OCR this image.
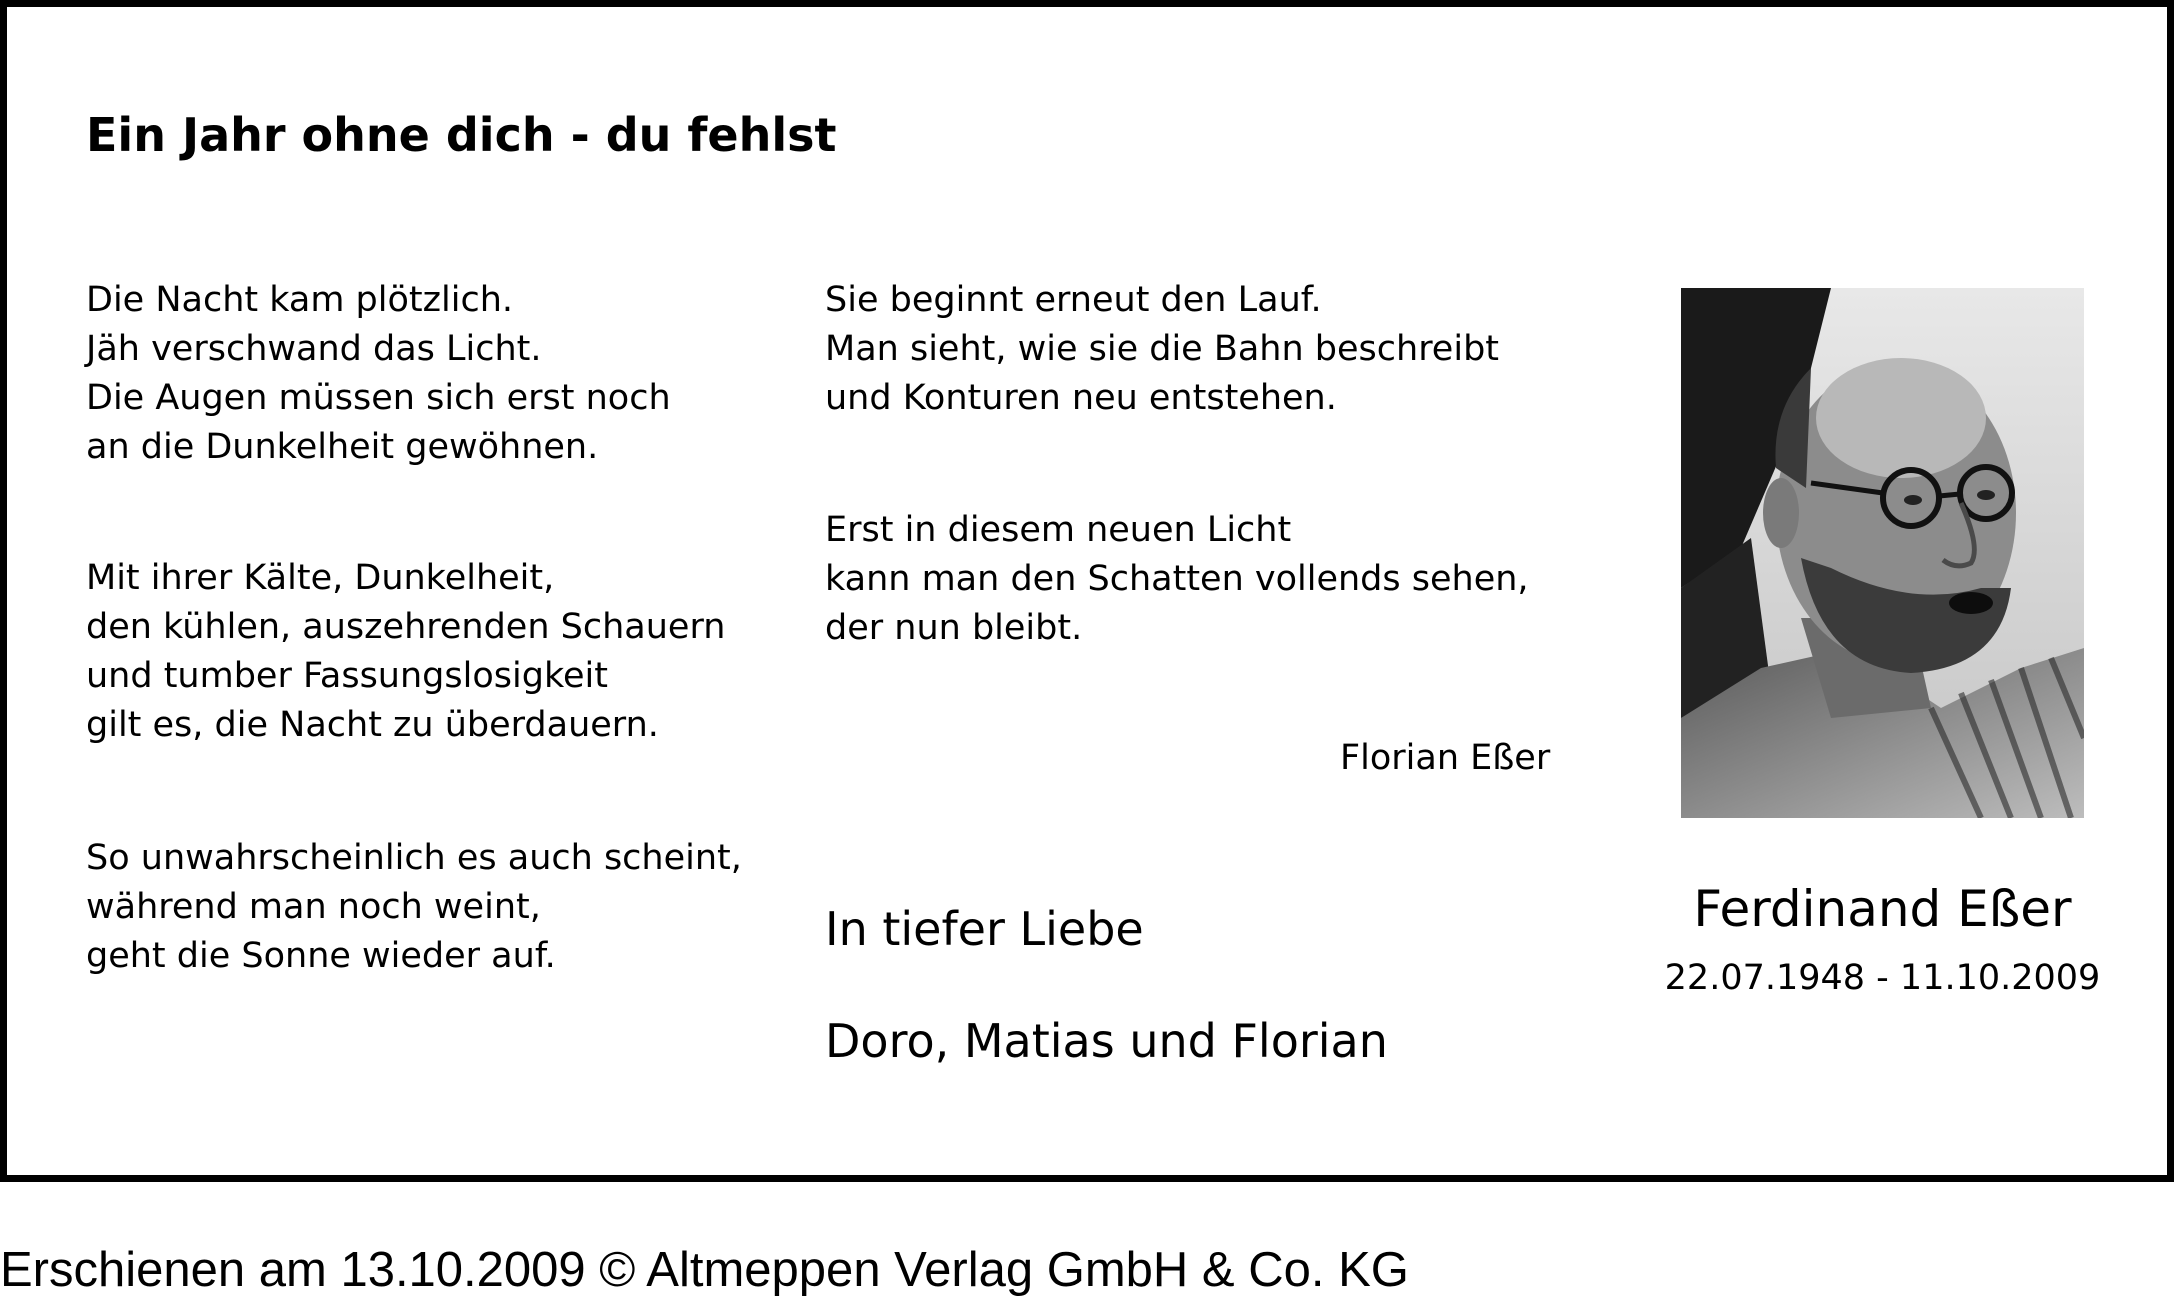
Ein Jahr ohne dich - du fehlst
Die Nacht kam plötzlich.
Jäh verschwand das Licht.
Die Augen müssen sich erst noch
an die Dunkelheit gewöhnen.
Mit ihrer Kälte, Dunkelheit,
den kühlen, auszehrenden Schauern
und tumber Fassungslosigkeit
gilt es, die Nacht zu überdauern.
So unwahrscheinlich es auch scheint,
während man noch weint,
geht die Sonne wieder auf.
Sie beginnt erneut den Lauf.
Man sieht, wie sie die Bahn beschreibt
und Konturen neu entstehen.
Erst in diesem neuen Licht
kann man den Schatten vollends sehen,
der nun bleibt.
Florian Eßer
In tiefer Liebe
Doro, Matias und Florian
Ferdinand Eßer
22.07.1948 - 11.10.2009
Erschienen am 13.10.2009 © Altmeppen Verlag GmbH & Co. KG
